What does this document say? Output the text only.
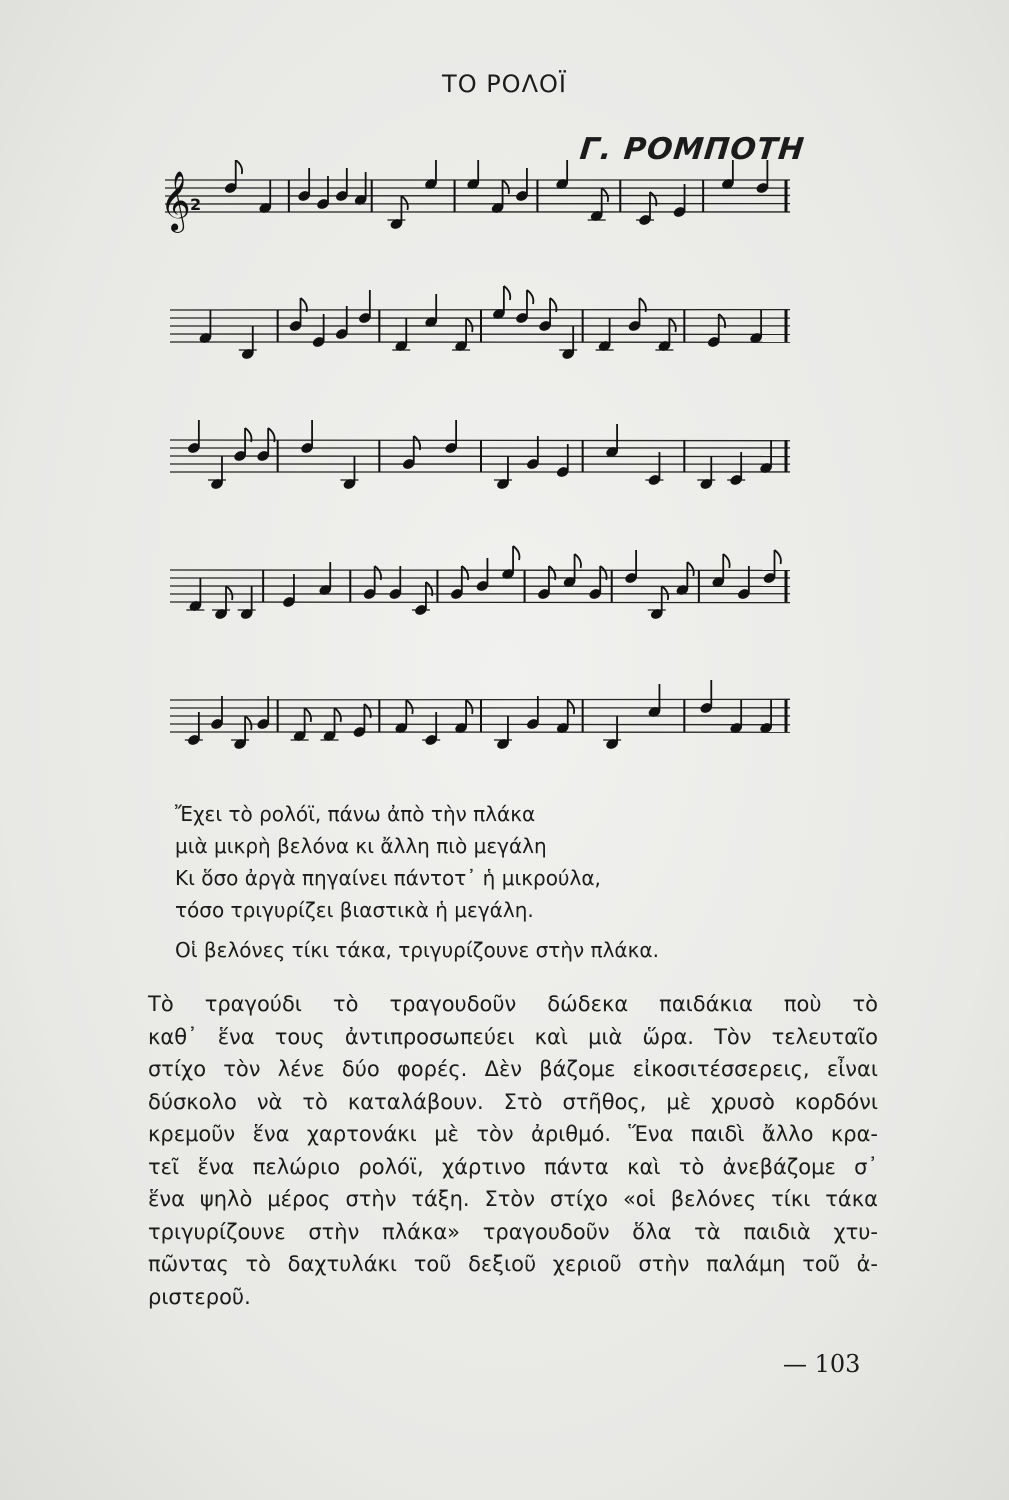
ΤΟ ΡΟΛΟΪ
Γ. ΡΟΜΠΟΤΗ
𝄞 2
Ἔχει τὸ ρολόϊ, πάνω ἀπὸ τὴν πλάκα
μιὰ μικρὴ βελόνα κι ἄλλη πιὸ μεγάλη
Κι ὅσο ἀργὰ πηγαίνει πάντοτ᾽ ἡ μικρούλα,
τόσο τριγυρίζει βιαστικὰ ἡ μεγάλη.
Οἱ βελόνες τίκι τάκα, τριγυρίζουνε στὴν πλάκα.
Τὸ τραγούδι τὸ τραγουδοῦν δώδεκα παιδάκια ποὺ τὸ
καθ᾽ ἕνα τους ἀντιπροσωπεύει καὶ μιὰ ὥρα. Τὸν τελευταῖο
στίχο τὸν λένε δύο φορές. Δὲν βάζομε εἰκοσιτέσσερεις, εἶναι
δύσκολο νὰ τὸ καταλάβουν. Στὸ στῆθος, μὲ χρυσὸ κορδόνι
κρεμοῦν ἕνα χαρτονάκι μὲ τὸν ἀριθμό. Ἕνα παιδὶ ἄλλο κρα-
τεῖ ἕνα πελώριο ρολόϊ, χάρτινο πάντα καὶ τὸ ἀνεβάζομε σ᾽
ἕνα ψηλὸ μέρος στὴν τάξη. Στὸν στίχο «οἱ βελόνες τίκι τάκα
τριγυρίζουνε στὴν πλάκα» τραγουδοῦν ὅλα τὰ παιδιὰ χτυ-
πῶντας τὸ δαχτυλάκι τοῦ δεξιοῦ χεριοῦ στὴν παλάμη τοῦ ἀ-
ριστεροῦ.
— 103
